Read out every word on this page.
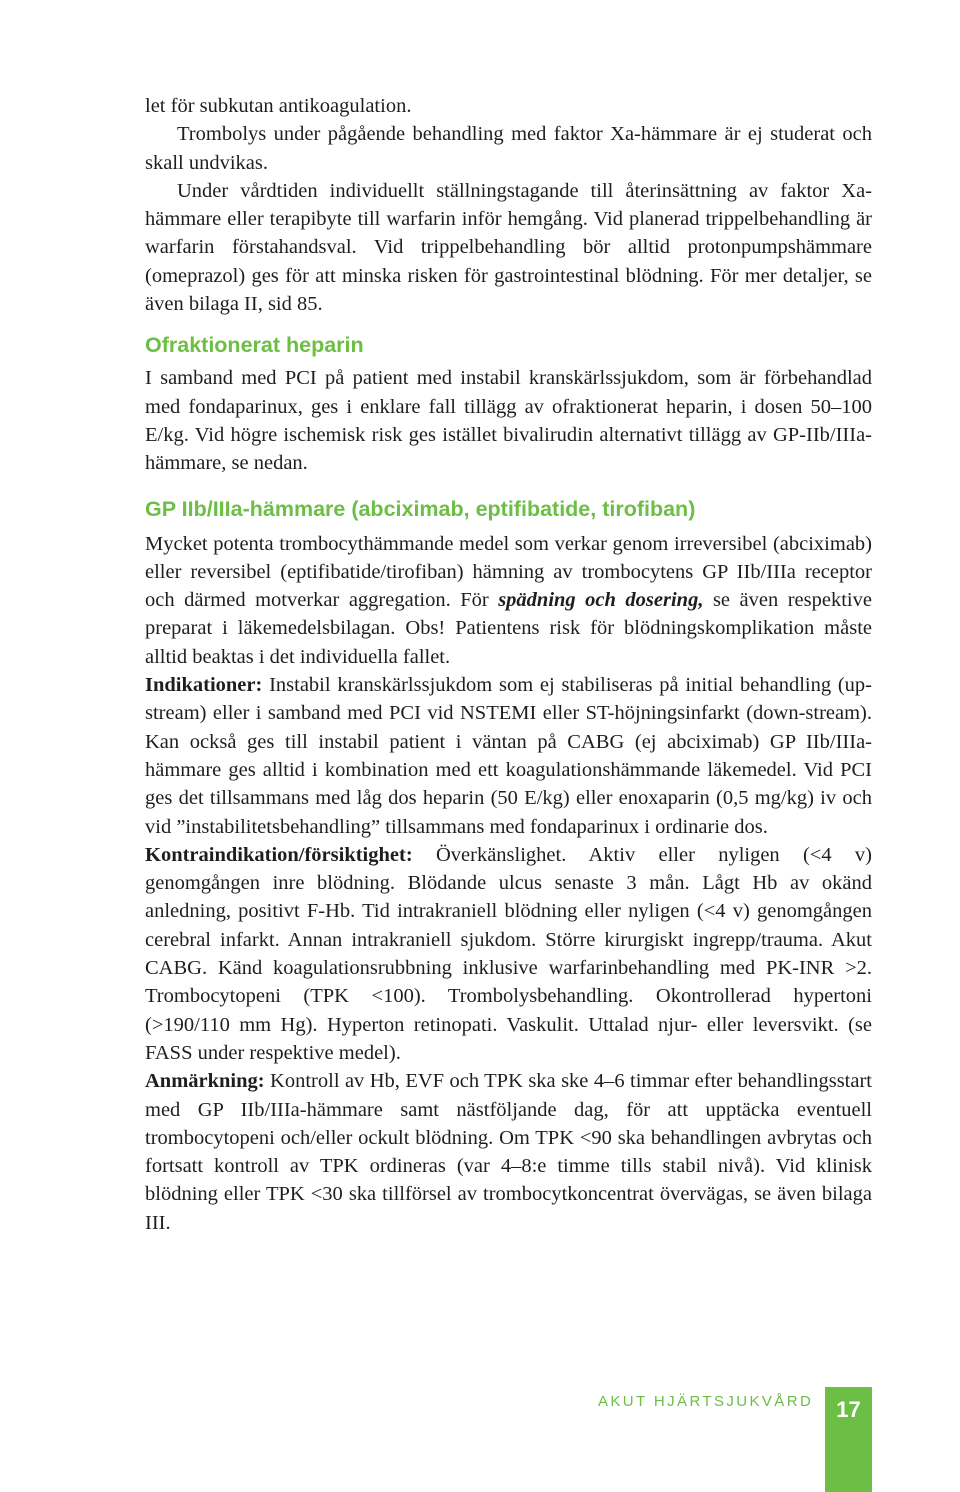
let för subkutan antikoagulation.

Trombolys under pågående behandling med faktor Xa-hämmare är ej studerat och skall undvikas.

Under vårdtiden individuellt ställningstagande till återinsättning av faktor Xa-hämmare eller terapibyte till warfarin inför hemgång. Vid planerad trippelbehandling är warfarin förstahandsval. Vid trippelbehandling bör alltid protonpumpshämmare (omeprazol) ges för att minska risken för gastrointestinal blödning. För mer detaljer, se även bilaga II, sid 85.

Ofraktionerat heparin

I samband med PCI på patient med instabil kranskärlssjukdom, som är förbehandlad med fondaparinux, ges i enklare fall tillägg av ofraktionerat heparin, i dosen 50–100 E/kg. Vid högre ischemisk risk ges istället bivalirudin alternativt tillägg av GP-IIb/IIIa-hämmare, se nedan.

GP IIb/IIIa-hämmare (abciximab, eptifibatide, tirofiban)

Mycket potenta trombocythämmande medel som verkar genom irreversibel (abciximab) eller reversibel (eptifibatide/tirofiban) hämning av trombocytens GP IIb/IIIa receptor och därmed motverkar aggregation. För spädning och dosering, se även respektive preparat i läkemedelsbilagan. Obs! Patientens risk för blödningskomplikation måste alltid beaktas i det individuella fallet.

Indikationer: Instabil kranskärlssjukdom som ej stabiliseras på initial behandling (up-stream) eller i samband med PCI vid NSTEMI eller ST-höjningsinfarkt (down-stream). Kan också ges till instabil patient i väntan på CABG (ej abciximab) GP IIb/IIIa-hämmare ges alltid i kombination med ett koagulationshämmande läkemedel. Vid PCI ges det tillsammans med låg dos heparin (50 E/kg) eller enoxaparin (0,5 mg/kg) iv och vid ”instabilitetsbehandling” tillsammans med fondaparinux i ordinarie dos.

Kontraindikation/försiktighet: Överkänslighet. Aktiv eller nyligen (<4 v) genomgången inre blödning. Blödande ulcus senaste 3 mån. Lågt Hb av okänd anledning, positivt F-Hb. Tid intrakraniell blödning eller nyligen (<4 v) genomgången cerebral infarkt. Annan intrakraniell sjukdom. Större kirurgiskt ingrepp/trauma. Akut CABG. Känd koagulationsrubbning inklusive warfarinbehandling med PK-INR >2. Trombocytopeni (TPK <100). Trombolysbehandling. Okontrollerad hypertoni (>190/110 mm Hg). Hyperton retinopati. Vaskulit. Uttalad njur- eller leversvikt. (se FASS under respektive medel).

Anmärkning: Kontroll av Hb, EVF och TPK ska ske 4–6 timmar efter behandlingsstart med GP IIb/IIIa-hämmare samt nästföljande dag, för att upptäcka eventuell trombocytopeni och/eller ockult blödning. Om TPK <90 ska behandlingen avbrytas och fortsatt kontroll av TPK ordineras (var 4–8:e timme tills stabil nivå). Vid klinisk blödning eller TPK <30 ska tillförsel av trombocytkoncentrat övervägas, se även bilaga III.

AKUT HJÄRTSJUKVÅRD	17
